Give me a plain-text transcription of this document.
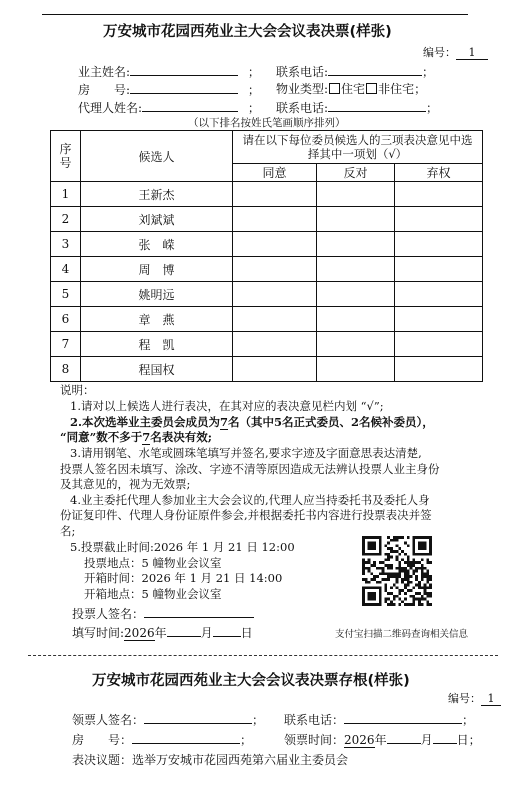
万安城市花园西苑业主大会会议表决票(样张)
编号： 1
业主姓名:	； 联系电话:	；
房　　号:	； 物业类型: 住宅 非住宅；
代理人姓名:	； 联系电话:	；
（以下排名按姓氏笔画顺序排列）
序号	候选人	请在以下每位委员候选人的三项表决意见中选择其中一项划（√）		
		同意	反对	弃权
1	王新杰			
2	刘斌斌			
3	张　嵘			
4	周　博			
5	姚明远			
6	章　燕			
7	程　凯			
8	程国权			
说明：
1.请对以上候选人进行表决，在其对应的表决意见栏内划 “√”;
2.本次选举业主委员会成员为7名（其中5名正式委员、2名候补委员），
“同意”数不多于7名表决有效;
3.请用钢笔、水笔或圆珠笔填写并签名,要求字迹及字面意思表达清楚,
投票人签名因未填写、涂改、字迹不清等原因造成无法辨认投票人业主身份
及其意见的，视为无效票;
4.业主委托代理人参加业主大会会议的,代理人应当持委托书及委托人身
份证复印件、代理人身份证原件参会,并根据委托书内容进行投票表决并签
名;
5.投票截止时间:2026 年 1 月 21 日 12:00
投票地点：5 幢物业会议室
开箱时间：2026 年 1 月 21 日 14:00
开箱地点：5 幢物业会议室
投票人签名：
填写时间:2026年	月 日	支付宝扫描二维码查询相关信息
万安城市花园西苑业主大会会议表决票存根(样张)
编号： 1
领票人签名：	； 联系电话：	；
房　　号：	；	领票时间：2026年	月 日；
表决议题：选举万安城市花园西苑第六届业主委员会
